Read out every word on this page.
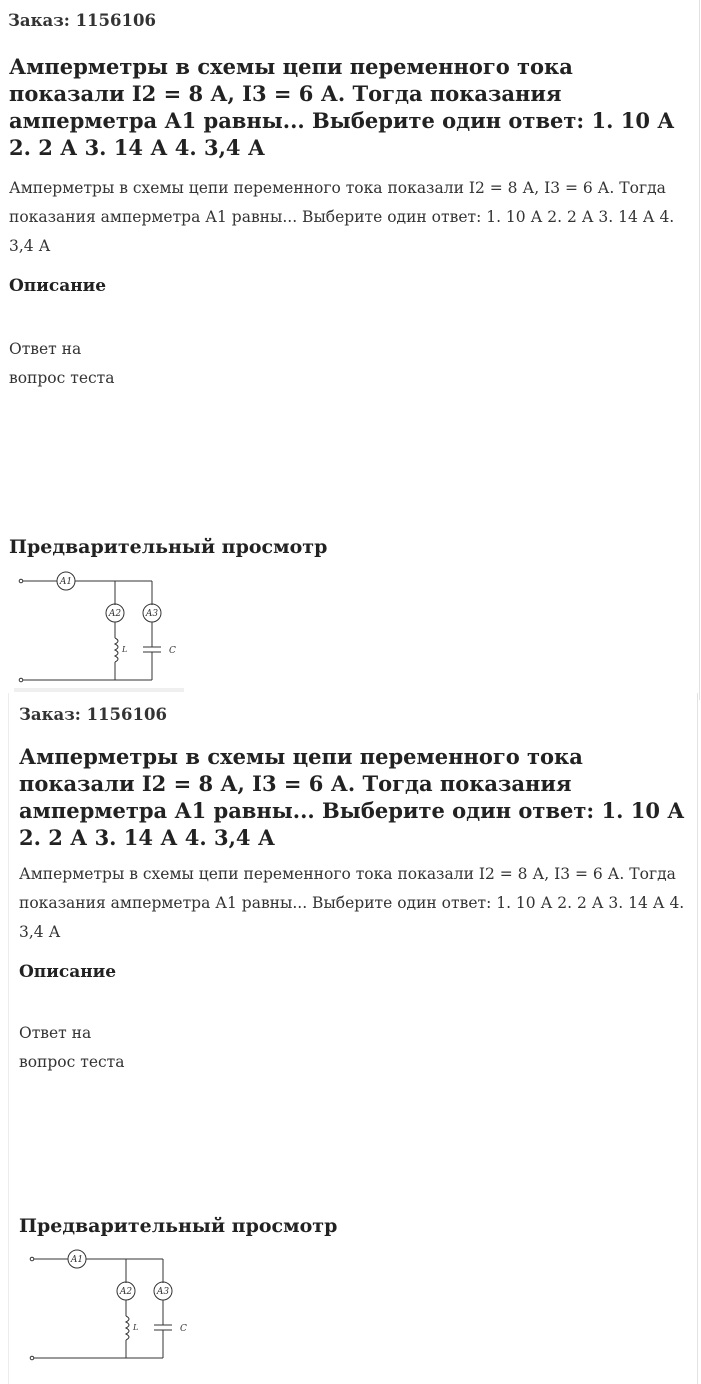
Заказ: 1156106
Амперметры в схемы цепи переменного тока показали I2 = 8 А, I3 = 6 А. Тогда показания амперметра А1 равны... Выберите один ответ: 1. 10 А 2. 2 А 3. 14 А 4. 3,4 А
Амперметры в схемы цепи переменного тока показали I2 = 8 А, I3 = 6 А. Тогда показания амперметра А1 равны... Выберите один ответ: 1. 10 А 2. 2 А 3. 14 А 4. 3,4 А
Описание
Ответ на
вопрос теста
Предварительный просмотр
A1
A2	A3
L	C
Заказ: 1156106
Амперметры в схемы цепи переменного тока показали I2 = 8 А, I3 = 6 А. Тогда показания амперметра А1 равны... Выберите один ответ: 1. 10 А 2. 2 А 3. 14 А 4. 3,4 А
Амперметры в схемы цепи переменного тока показали I2 = 8 А, I3 = 6 А. Тогда показания амперметра А1 равны... Выберите один ответ: 1. 10 А 2. 2 А 3. 14 А 4. 3,4 А
Описание
Ответ на
вопрос теста
Предварительный просмотр
A1
A2	A3
L	C
